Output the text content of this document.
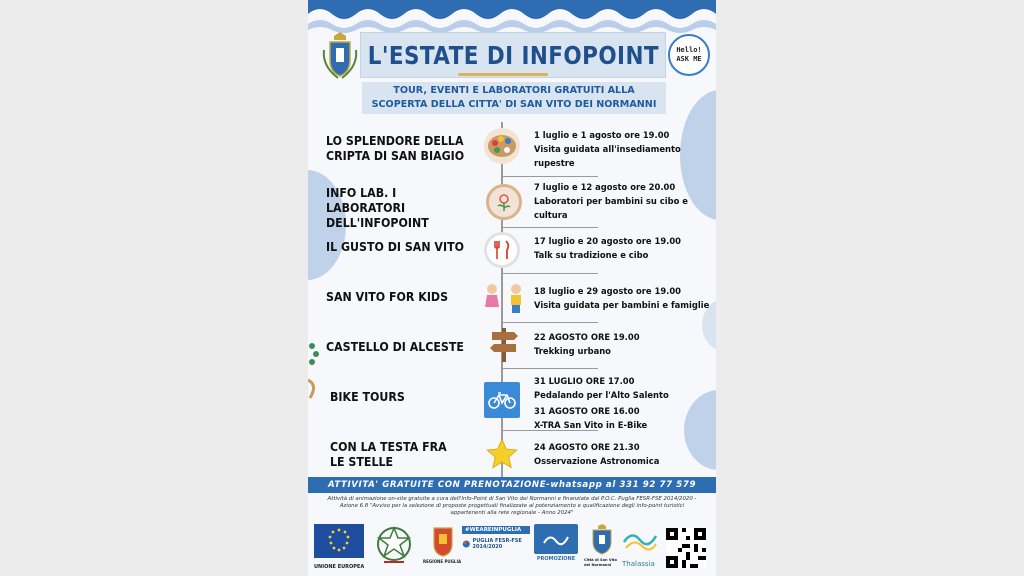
L'ESTATE DI INFOPOINT	Hello!
ASK ME
TOUR, EVENTI E LABORATORI GRATUITI ALLA
SCOPERTA DELLA CITTA' DI SAN VITO DEI NORMANNI
LO SPLENDORE DELLA
CRIPTA DI SAN BIAGIO
1 luglio e 1 agosto ore 19.00
Visita guidata all'insediamento
rupestre
INFO LAB. I LABORATORI
DELL'INFOPOINT
7 luglio e 12 agosto ore 20.00
Laboratori per bambini su cibo e
cultura
IL GUSTO DI SAN VITO	17 luglio e 20 agosto ore 19.00
Talk su tradizione e cibo
SAN VITO FOR KIDS	18 luglio e 29 agosto ore 19.00
Visita guidata per bambini e famiglie
CASTELLO DI ALCESTE
22 AGOSTO ORE 19.00
Trekking urbano
BIKE TOURS
31 LUGLIO ORE 17.00
Pedalando per l'Alto Salento
31 AGOSTO ORE 16.00
X-TRA San Vito in E-Bike
CON LA TESTA FRA
LE STELLE
24 AGOSTO ORE 21.30
Osservazione Astronomica
ATTIVITA' GRATUITE CON PRENOTAZIONE-whatsapp al 331 92 77 579
Attività di animazione on-site gratuite a cura dell'Info-Point di San Vito dei Normanni e finanziate dal P.O.C. Puglia FESR-FSE 2014/2020 - Azione 6.8 "Avviso per la selezione di proposte progettuali finalizzate al potenziamento e qualificazione degli info-point turistici appartenenti alla rete regionale - Anno 2024"
UNIONE EUROPEA
REGIONE PUGLIA
#WEAREINPUGLIA
PUGLIA FESR-FSE 2014/2020
PROMOZIONE	Città di San Vito dei Normanni	Thalassia
